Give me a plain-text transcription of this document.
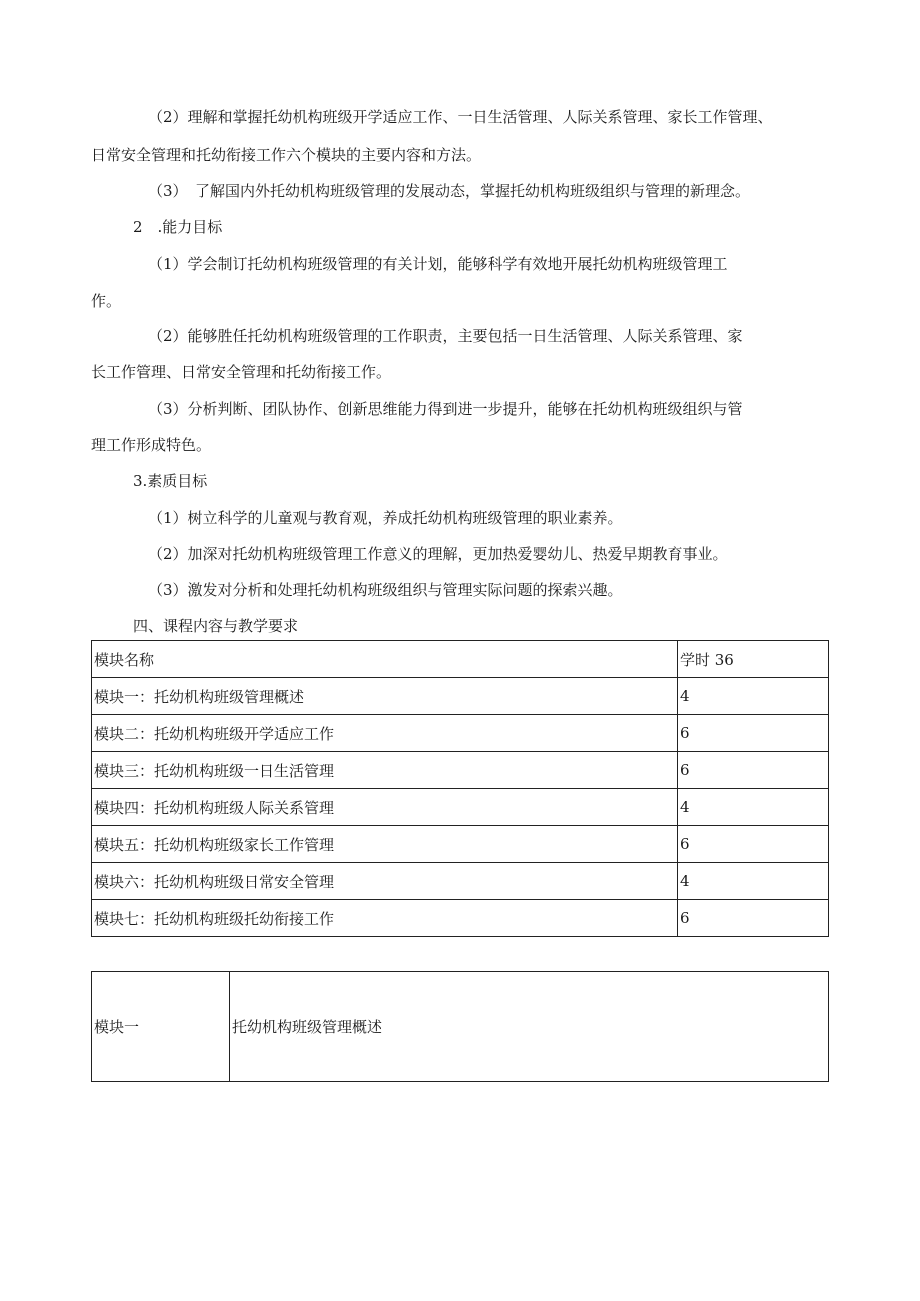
（2）理解和掌握托幼机构班级开学适应工作、一日生活管理、人际关系管理、家长工作管理、
日常安全管理和托幼衔接工作六个模块的主要内容和方法。
（3）　了解国内外托幼机构班级管理的发展动态，掌握托幼机构班级组织与管理的新理念。
2　.能力目标
（1）学会制订托幼机构班级管理的有关计划，能够科学有效地开展托幼机构班级管理工
作。
（2）能够胜任托幼机构班级管理的工作职责，主要包括一日生活管理、人际关系管理、家
长工作管理、日常安全管理和托幼衔接工作。
（3）分析判断、团队协作、创新思维能力得到进一步提升，能够在托幼机构班级组织与管
理工作形成特色。
3.素质目标
（1）树立科学的儿童观与教育观，养成托幼机构班级管理的职业素养。
（2）加深对托幼机构班级管理工作意义的理解，更加热爱婴幼儿、热爱早期教育事业。
（3）激发对分析和处理托幼机构班级组织与管理实际问题的探索兴趣。
四、课程内容与教学要求
模块名称	学时 36
模块一：托幼机构班级管理概述	4
模块二：托幼机构班级开学适应工作	6
模块三：托幼机构班级一日生活管理	6
模块四：托幼机构班级人际关系管理	4
模块五：托幼机构班级家长工作管理	6
模块六：托幼机构班级日常安全管理	4
模块七：托幼机构班级托幼衔接工作	6
模块一	托幼机构班级管理概述
